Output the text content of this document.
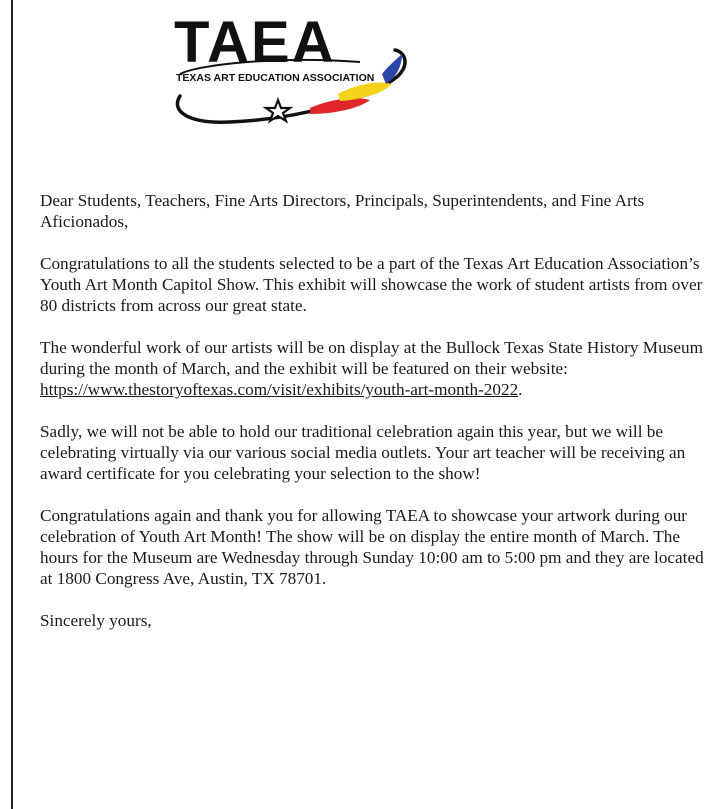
TAEA
TEXAS ART EDUCATION ASSOCIATION

Dear Students, Teachers, Fine Arts Directors, Principals, Superintendents, and Fine Arts Aficionados,

Congratulations to all the students selected to be a part of the Texas Art Education Association’s Youth Art Month Capitol Show. This exhibit will showcase the work of student artists from over 80 districts from across our great state.

The wonderful work of our artists will be on display at the Bullock Texas State History Museum during the month of March, and the exhibit will be featured on their website: https://www.thestoryoftexas.com/visit/exhibits/youth-art-month-2022.

Sadly, we will not be able to hold our traditional celebration again this year, but we will be celebrating virtually via our various social media outlets. Your art teacher will be receiving an award certificate for you celebrating your selection to the show!

Congratulations again and thank you for allowing TAEA to showcase your artwork during our celebration of Youth Art Month! The show will be on display the entire month of March. The hours for the Museum are Wednesday through Sunday 10:00 am to 5:00 pm and they are located at 1800 Congress Ave, Austin, TX 78701.

Sincerely yours,
